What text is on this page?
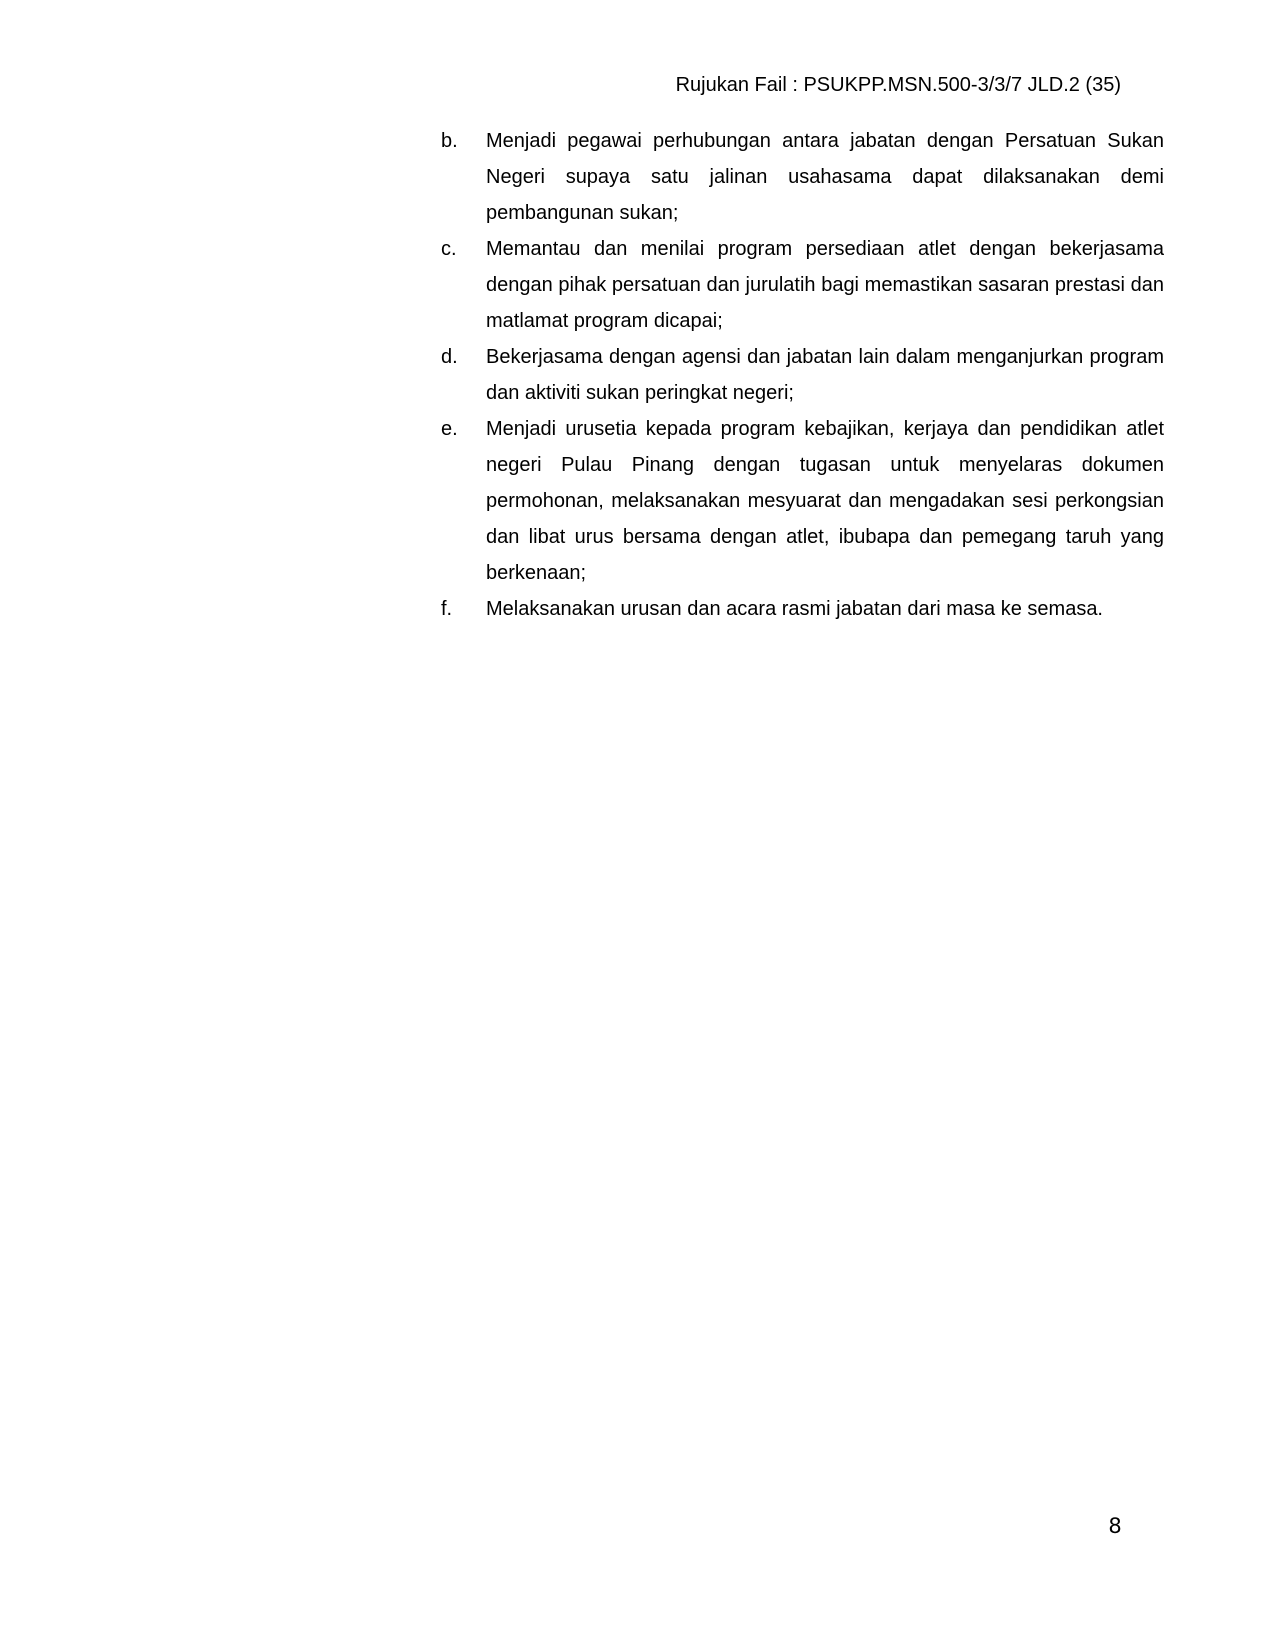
Rujukan Fail : PSUKPP.MSN.500-3/3/7 JLD.2 (35)
b.	Menjadi pegawai perhubungan antara jabatan dengan Persatuan Sukan Negeri supaya satu jalinan usahasama dapat dilaksanakan demi pembangunan sukan;
c.	Memantau dan menilai program persediaan atlet dengan bekerjasama dengan pihak persatuan dan jurulatih bagi memastikan sasaran prestasi dan matlamat program dicapai;
d.	Bekerjasama dengan agensi dan jabatan lain dalam menganjurkan program dan aktiviti sukan peringkat negeri;
e.	Menjadi urusetia kepada program kebajikan, kerjaya dan pendidikan atlet negeri Pulau Pinang dengan tugasan untuk menyelaras dokumen permohonan, melaksanakan mesyuarat dan mengadakan sesi perkongsian dan libat urus bersama dengan atlet, ibubapa dan pemegang taruh yang berkenaan;
f.	Melaksanakan urusan dan acara rasmi jabatan dari masa ke semasa.
8
